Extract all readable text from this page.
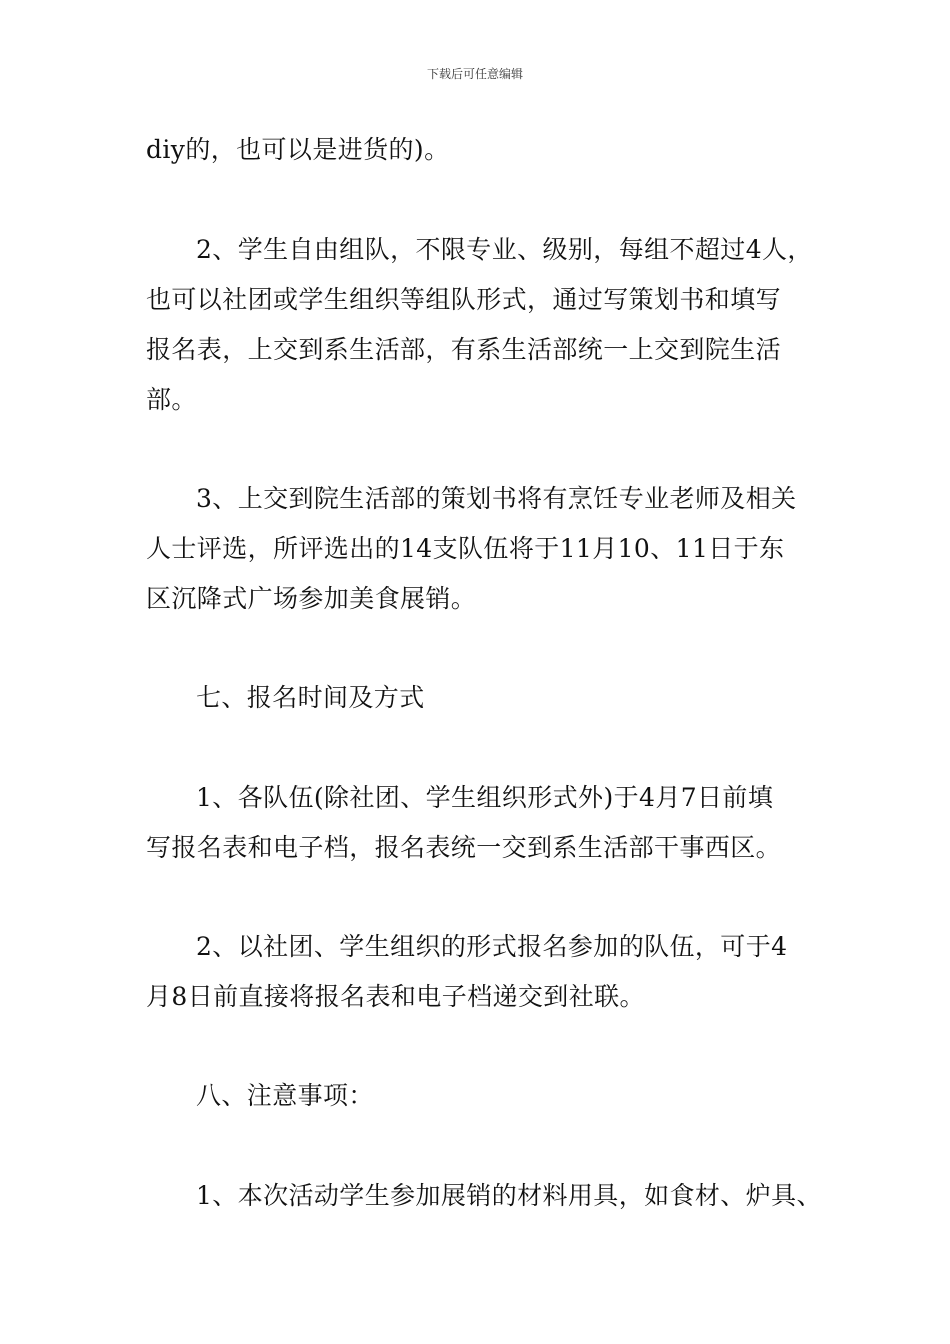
下载后可任意编辑
diy的，也可以是进货的)。
2、学生自由组队，不限专业、级别，每组不超过4人，
也可以社团或学生组织等组队形式，通过写策划书和填写
报名表，上交到系生活部，有系生活部统一上交到院生活
部。
3、上交到院生活部的策划书将有烹饪专业老师及相关
人士评选，所评选出的14支队伍将于11月10、11日于东
区沉降式广场参加美食展销。
七、报名时间及方式
1、各队伍(除社团、学生组织形式外)于4月7日前填
写报名表和电子档，报名表统一交到系生活部干事西区。
2、以社团、学生组织的形式报名参加的队伍，可于4
月8日前直接将报名表和电子档递交到社联。
八、注意事项：
1、本次活动学生参加展销的材料用具，如食材、炉具、
